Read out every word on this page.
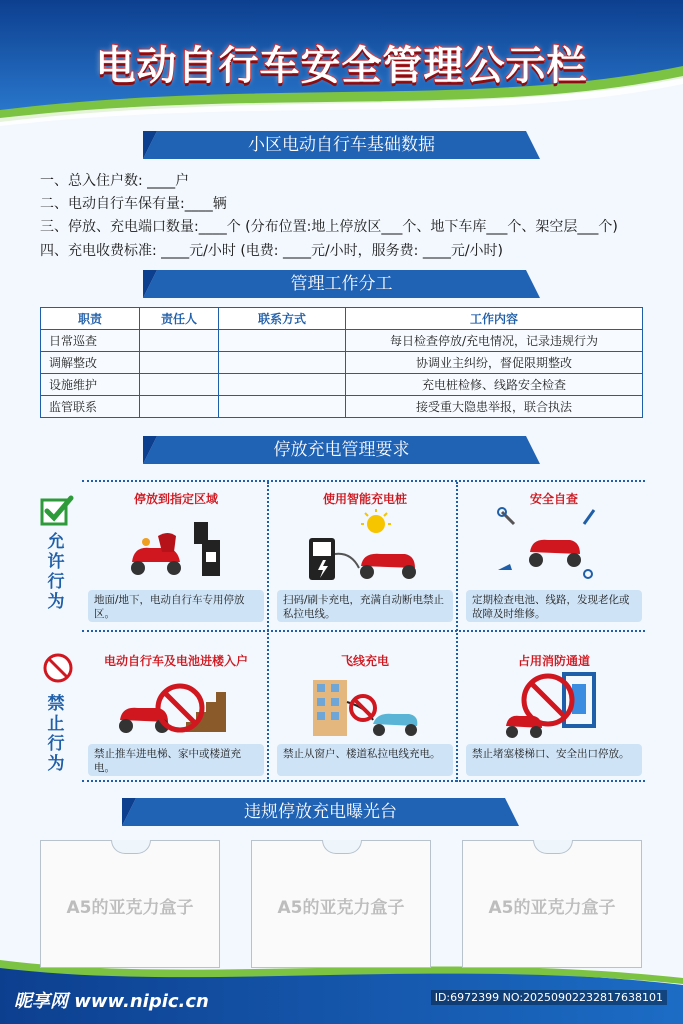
电动自行车安全管理公示栏
小区电动自行车基础数据
一、总入住户数: ____户
二、电动自行车保有量:____辆
三、停放、充电端口数量:____个 (分布位置:地上停放区___个、地下车库___个、架空层___个)
四、充电收费标准: ____元/小时 (电费: ____元/小时，服务费: ____元/小时)
管理工作分工
职责	责任人	联系方式	工作内容
日常巡查			每日检查停放/充电情况，记录违规行为
调解整改			协调业主纠纷，督促限期整改
设施维护			充电桩检修、线路安全检查
监管联系			接受重大隐患举报，联合执法
停放充电管理要求
允
许
行
为
禁
止
行
为
停放到指定区域
地面/地下，电动自行车专用停放区。
使用智能充电桩
扫码/刷卡充电，充满自动断电禁止私拉电线。
安全自查
定期检查电池、线路，发现老化或故障及时维修。
电动自行车及电池进楼入户
禁止推车进电梯、家中或楼道充电。
飞线充电
禁止从窗户、楼道私拉电线充电。
占用消防通道
禁止堵塞楼梯口、安全出口停放。
违规停放充电曝光台
A5的亚克力盒子	A5的亚克力盒子	A5的亚克力盒子
昵享网 www.nipic.cn	ID:6972399 NO:20250902232817638101
